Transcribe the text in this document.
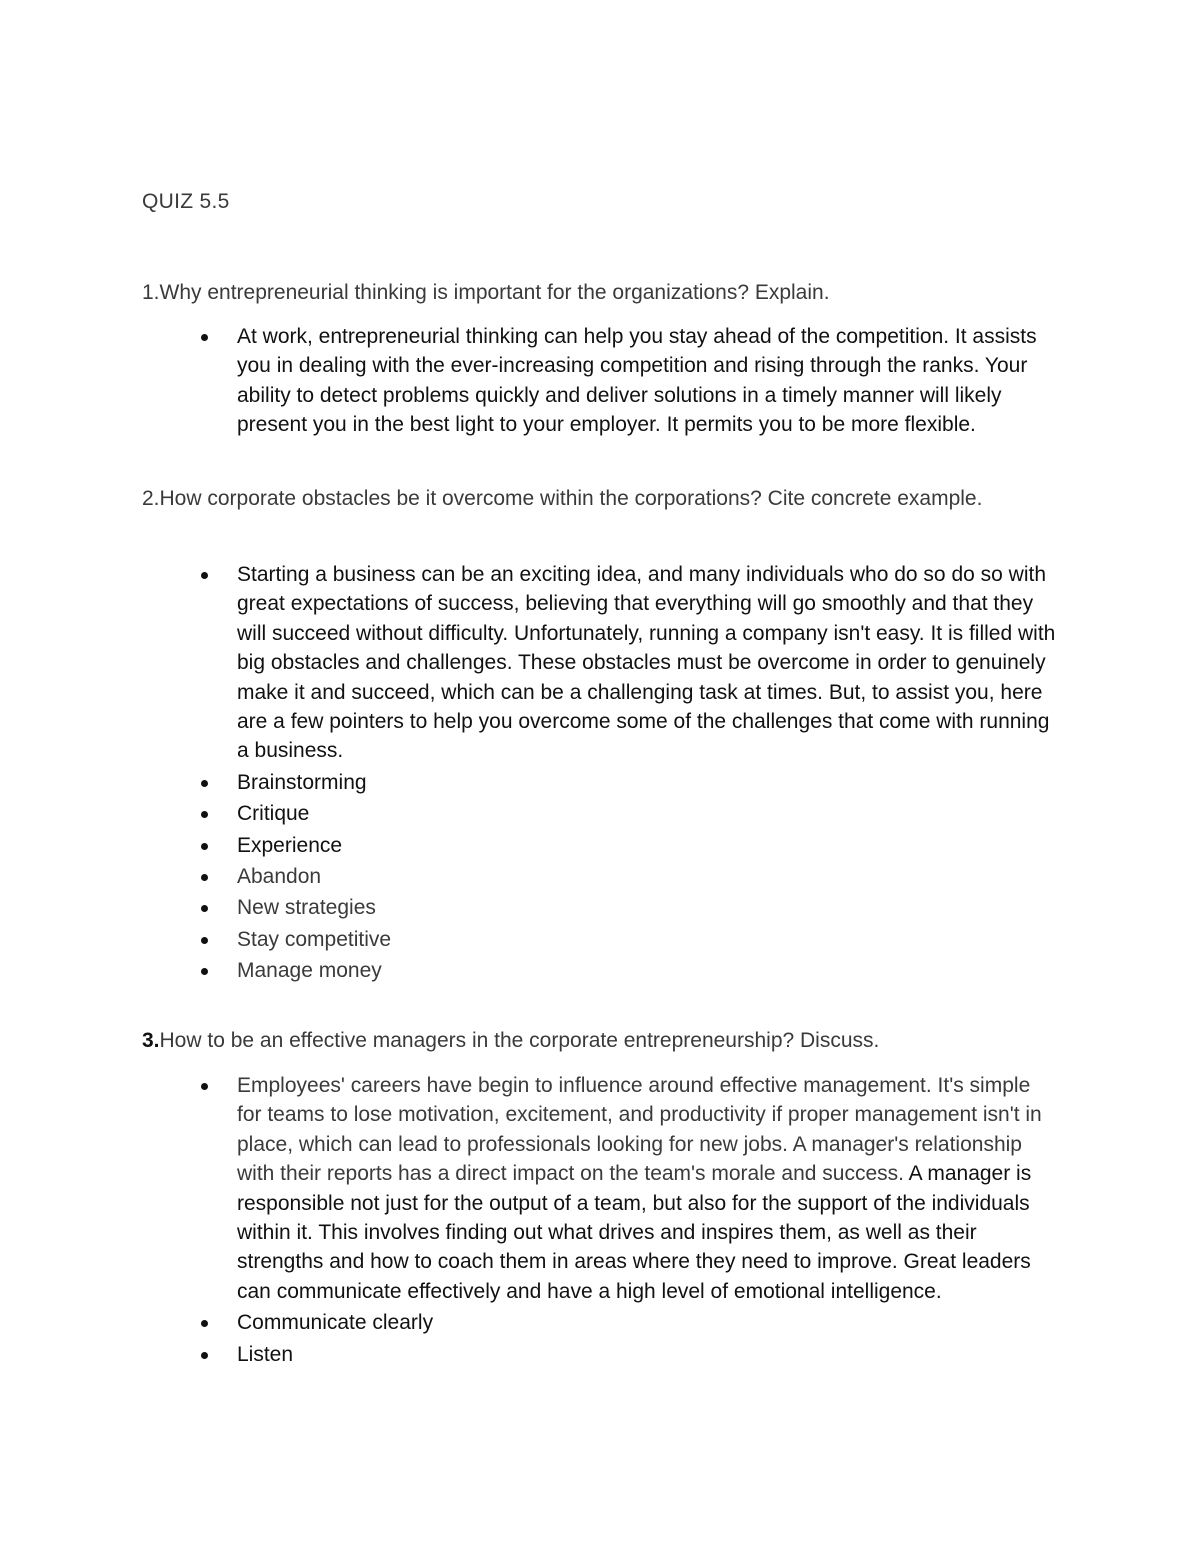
QUIZ 5.5

1.Why entrepreneurial thinking is important for the organizations? Explain.

At work, entrepreneurial thinking can help you stay ahead of the competition. It assists you in dealing with the ever-increasing competition and rising through the ranks. Your ability to detect problems quickly and deliver solutions in a timely manner will likely present you in the best light to your employer. It permits you to be more flexible.

2.How corporate obstacles be it overcome within the corporations? Cite concrete example.

Starting a business can be an exciting idea, and many individuals who do so do so with great expectations of success, believing that everything will go smoothly and that they will succeed without difficulty. Unfortunately, running a company isn't easy. It is filled with big obstacles and challenges. These obstacles must be overcome in order to genuinely make it and succeed, which can be a challenging task at times. But, to assist you, here are a few pointers to help you overcome some of the challenges that come with running a business.
Brainstorming
Critique
Experience
Abandon
New strategies
Stay competitive
Manage money

3.How to be an effective managers in the corporate entrepreneurship? Discuss.

Employees' careers have begin to influence around effective management. It's simple for teams to lose motivation, excitement, and productivity if proper management isn't in place, which can lead to professionals looking for new jobs. A manager's relationship with their reports has a direct impact on the team's morale and success. A manager is responsible not just for the output of a team, but also for the support of the individuals within it. This involves finding out what drives and inspires them, as well as their strengths and how to coach them in areas where they need to improve. Great leaders can communicate effectively and have a high level of emotional intelligence.
Communicate clearly
Listen
